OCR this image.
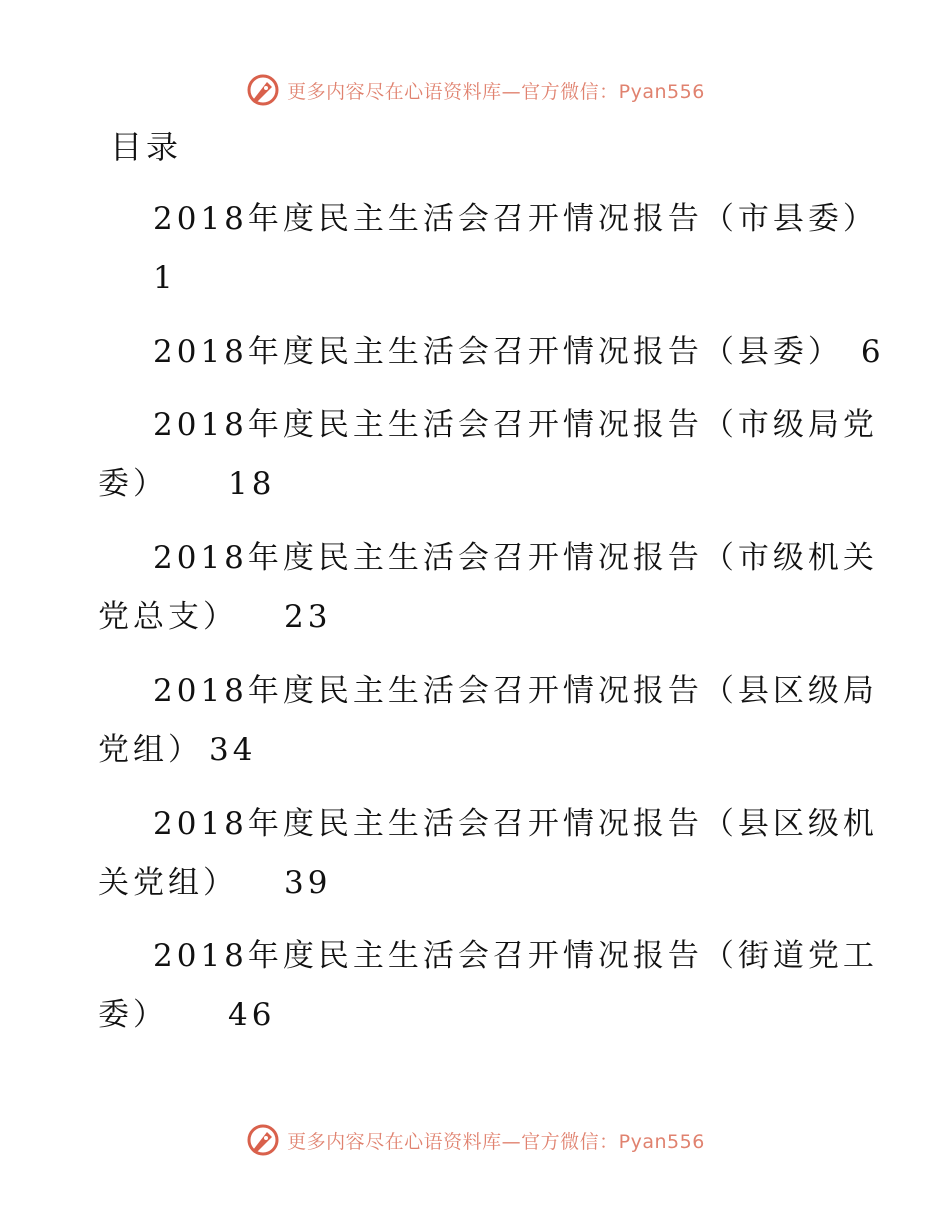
更多内容尽在心语资料库—官方微信：Pyan556
目录
2018年度民主生活会召开情况报告（市县委）
1
2018年度民主生活会召开情况报告（县委） 6
2018年度民主生活会召开情况报告（市级局党
委） 18
2018年度民主生活会召开情况报告（市级机关
党总支） 23
2018年度民主生活会召开情况报告（县区级局
党组） 34
2018年度民主生活会召开情况报告（县区级机
关党组） 39
2018年度民主生活会召开情况报告（街道党工
委） 46
更多内容尽在心语资料库—官方微信：Pyan556
